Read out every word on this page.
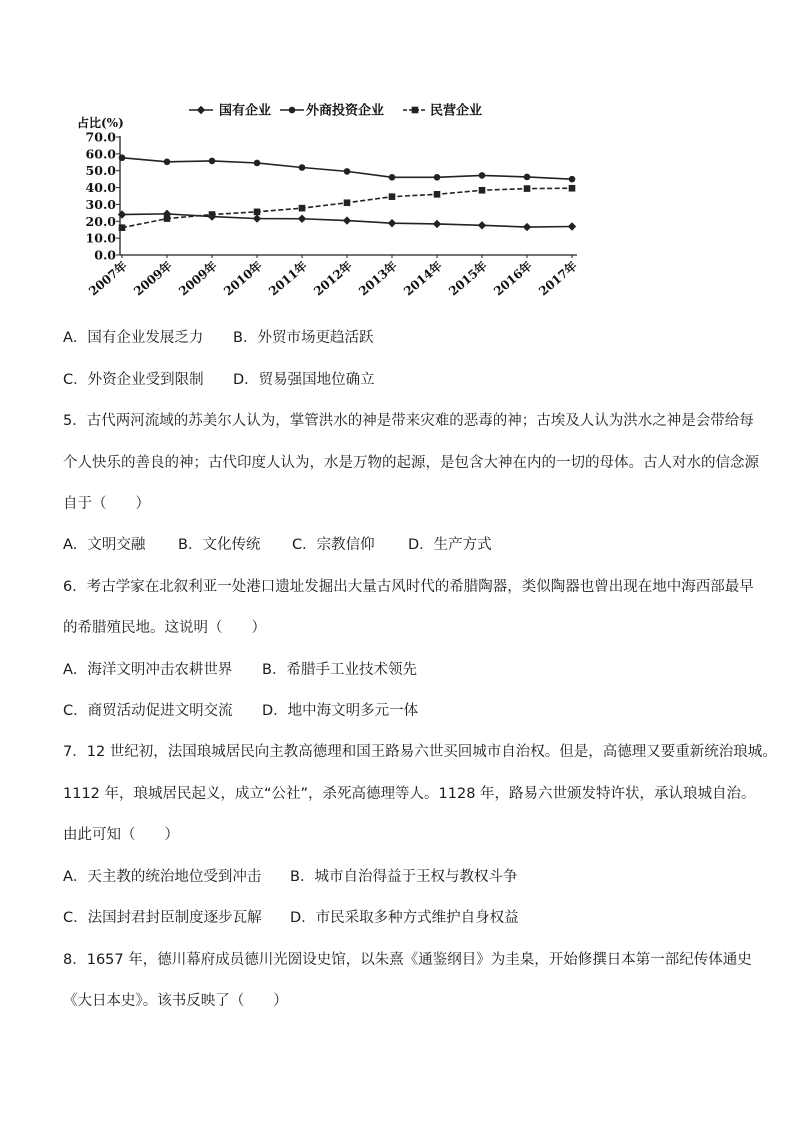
占比(%)
0.0
10.0
20.0
30.0
40.0
50.0
60.0
70.0
2007年 2009年 2009年 2010年 2011年 2012年 2013年 2014年 2015年 2016年 2017年
国有企业	外商投资企业	民营企业
A．国有企业发展乏力 B．外贸市场更趋活跃
C．外资企业受到限制 D．贸易强国地位确立
5．古代两河流域的苏美尔人认为，掌管洪水的神是带来灾难的恶毒的神；古埃及人认为洪水之神是会带给每
个人快乐的善良的神；古代印度人认为，水是万物的起源，是包含大神在内的一切的母体。古人对水的信念源
自于（　　）
A．文明交融 B．文化传统 C．宗教信仰 D．生产方式
6．考古学家在北叙利亚一处港口遗址发掘出大量古风时代的希腊陶器，类似陶器也曾出现在地中海西部最早
的希腊殖民地。这说明（　　）
A．海洋文明冲击农耕世界 B．希腊手工业技术领先
C．商贸活动促进文明交流 D．地中海文明多元一体
7．12 世纪初，法国琅城居民向主教高德理和国王路易六世买回城市自治权。但是，高德理又要重新统治琅城。
1112 年，琅城居民起义，成立“公社”，杀死高德理等人。1128 年，路易六世颁发特许状，承认琅城自治。
由此可知（　　）
A．天主教的统治地位受到冲击 B．城市自治得益于王权与教权斗争
C．法国封君封臣制度逐步瓦解 D．市民采取多种方式维护自身权益
8．1657 年，德川幕府成员德川光圀设史馆，以朱熹《通鉴纲目》为圭臬，开始修撰日本第一部纪传体通史
《大日本史》。该书反映了（　　）
